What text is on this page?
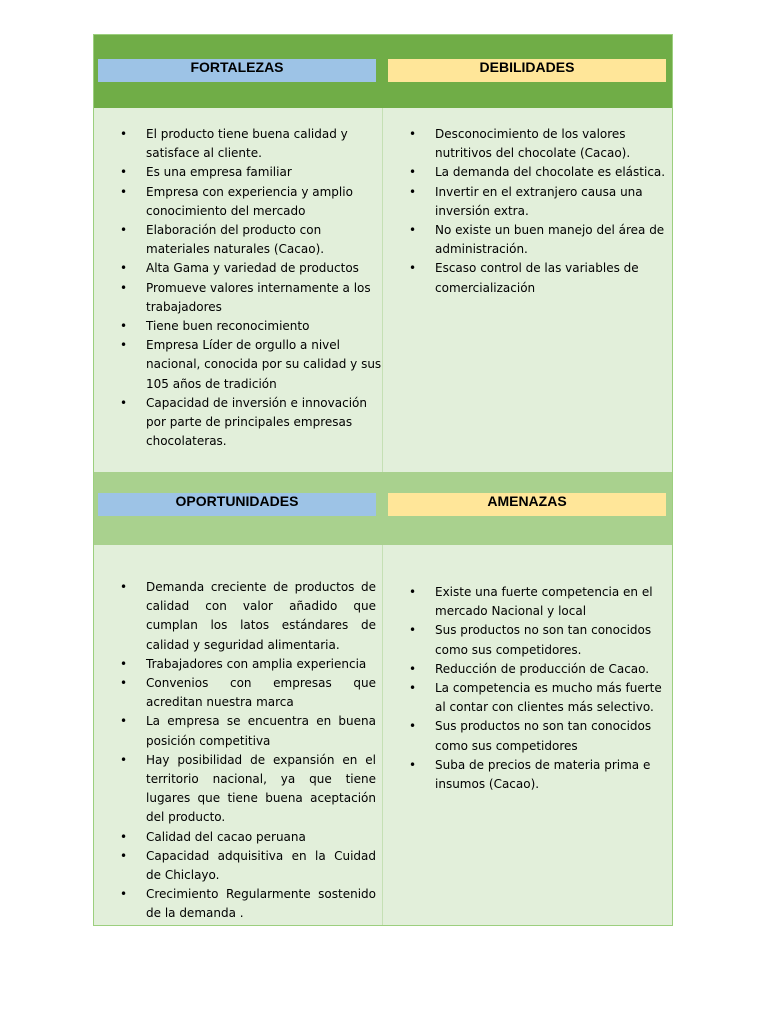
FORTALEZAS	DEBILIDADES
• El producto tiene buena calidad y satisface al cliente.
• Es una empresa familiar
• Empresa con experiencia y amplio conocimiento del mercado
• Elaboración del producto con materiales naturales (Cacao).
• Alta Gama y variedad de productos
• Promueve valores internamente a los trabajadores
• Tiene buen reconocimiento
• Empresa Líder de orgullo a nivel nacional, conocida por su calidad y sus 105 años de tradición
• Capacidad de inversión e innovación por parte de principales empresas chocolateras.
• Desconocimiento de los valores nutritivos del chocolate (Cacao).
• La demanda del chocolate es elástica.
• Invertir en el extranjero causa una inversión extra.
• No existe un buen manejo del área de administración.
• Escaso control de las variables de comercialización
OPORTUNIDADES	AMENAZAS
• Demanda creciente de productos de calidad con valor añadido que cumplan los latos estándares de calidad y seguridad alimentaria.
• Trabajadores con amplia experiencia
• Convenios con empresas que acreditan nuestra marca
• La empresa se encuentra en buena posición competitiva
• Hay posibilidad de expansión en el territorio nacional, ya que tiene lugares que tiene buena aceptación del producto.
• Calidad del cacao peruana
• Capacidad adquisitiva en la Cuidad de Chiclayo.
• Crecimiento Regularmente sostenido de la demanda .
• Existe una fuerte competencia en el mercado Nacional y local
• Sus productos no son tan conocidos como sus competidores.
• Reducción de producción de Cacao.
• La competencia es mucho más fuerte al contar con clientes más selectivo.
• Sus productos no son tan conocidos como sus competidores
• Suba de precios de materia prima e insumos (Cacao).
